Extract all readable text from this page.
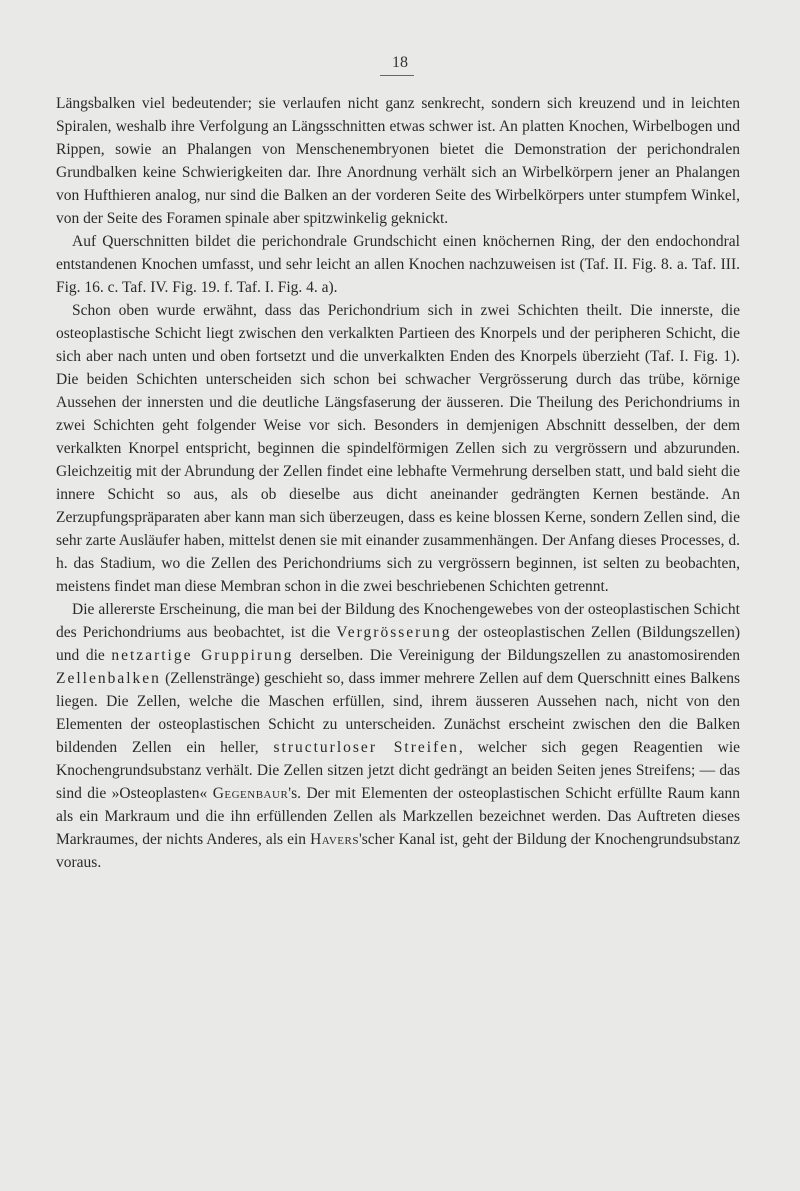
18

Längsbalken viel bedeutender; sie verlaufen nicht ganz senkrecht, sondern sich kreuzend und in leichten Spiralen, weshalb ihre Verfolgung an Längsschnitten etwas schwer ist. An platten Knochen, Wirbelbogen und Rippen, sowie an Phalangen von Menschenembryonen bietet die Demonstration der perichondralen Grundbalken keine Schwierigkeiten dar. Ihre Anordnung verhält sich an Wirbelkörpern jener an Phalangen von Hufthieren analog, nur sind die Balken an der vorderen Seite des Wirbelkörpers unter stumpfem Winkel, von der Seite des Foramen spinale aber spitzwinkelig geknickt.

Auf Querschnitten bildet die perichondrale Grundschicht einen knöchernen Ring, der den endochondral entstandenen Knochen umfasst, und sehr leicht an allen Knochen nachzuweisen ist (Taf. II. Fig. 8. a. Taf. III. Fig. 16. c. Taf. IV. Fig. 19. f. Taf. I. Fig. 4. a).

Schon oben wurde erwähnt, dass das Perichondrium sich in zwei Schichten theilt. Die innerste, die osteoplastische Schicht liegt zwischen den verkalkten Partieen des Knorpels und der peripheren Schicht, die sich aber nach unten und oben fortsetzt und die unverkalkten Enden des Knorpels überzieht (Taf. I. Fig. 1). Die beiden Schichten unterscheiden sich schon bei schwacher Vergrösserung durch das trübe, körnige Aussehen der innersten und die deutliche Längsfaserung der äusseren. Die Theilung des Perichondriums in zwei Schichten geht folgender Weise vor sich. Besonders in demjenigen Abschnitt desselben, der dem verkalkten Knorpel entspricht, beginnen die spindelförmigen Zellen sich zu vergrössern und abzurunden. Gleichzeitig mit der Abrundung der Zellen findet eine lebhafte Vermehrung derselben statt, und bald sieht die innere Schicht so aus, als ob dieselbe aus dicht aneinander gedrängten Kernen bestände. An Zerzupfungspräparaten aber kann man sich überzeugen, dass es keine blossen Kerne, sondern Zellen sind, die sehr zarte Ausläufer haben, mittelst denen sie mit einander zusammenhängen. Der Anfang dieses Processes, d. h. das Stadium, wo die Zellen des Perichondriums sich zu vergrössern beginnen, ist selten zu beobachten, meistens findet man diese Membran schon in die zwei beschriebenen Schichten getrennt.

Die allererste Erscheinung, die man bei der Bildung des Knochengewebes von der osteoplastischen Schicht des Perichondriums aus beobachtet, ist die Vergrösserung der osteoplastischen Zellen (Bildungszellen) und die netzartige Gruppirung derselben. Die Vereinigung der Bildungszellen zu anastomosirenden Zellenbalken (Zellenstränge) geschieht so, dass immer mehrere Zellen auf dem Querschnitt eines Balkens liegen. Die Zellen, welche die Maschen erfüllen, sind, ihrem äusseren Aussehen nach, nicht von den Elementen der osteoplastischen Schicht zu unterscheiden. Zunächst erscheint zwischen den die Balken bildenden Zellen ein heller, structurloser Streifen, welcher sich gegen Reagentien wie Knochengrundsubstanz verhält. Die Zellen sitzen jetzt dicht gedrängt an beiden Seiten jenes Streifens; — das sind die »Osteoplasten« Gegenbaur's. Der mit Elementen der osteoplastischen Schicht erfüllte Raum kann als ein Markraum und die ihn erfüllenden Zellen als Markzellen bezeichnet werden. Das Auftreten dieses Markraumes, der nichts Anderes, als ein Havers'scher Kanal ist, geht der Bildung der Knochengrundsubstanz voraus.
